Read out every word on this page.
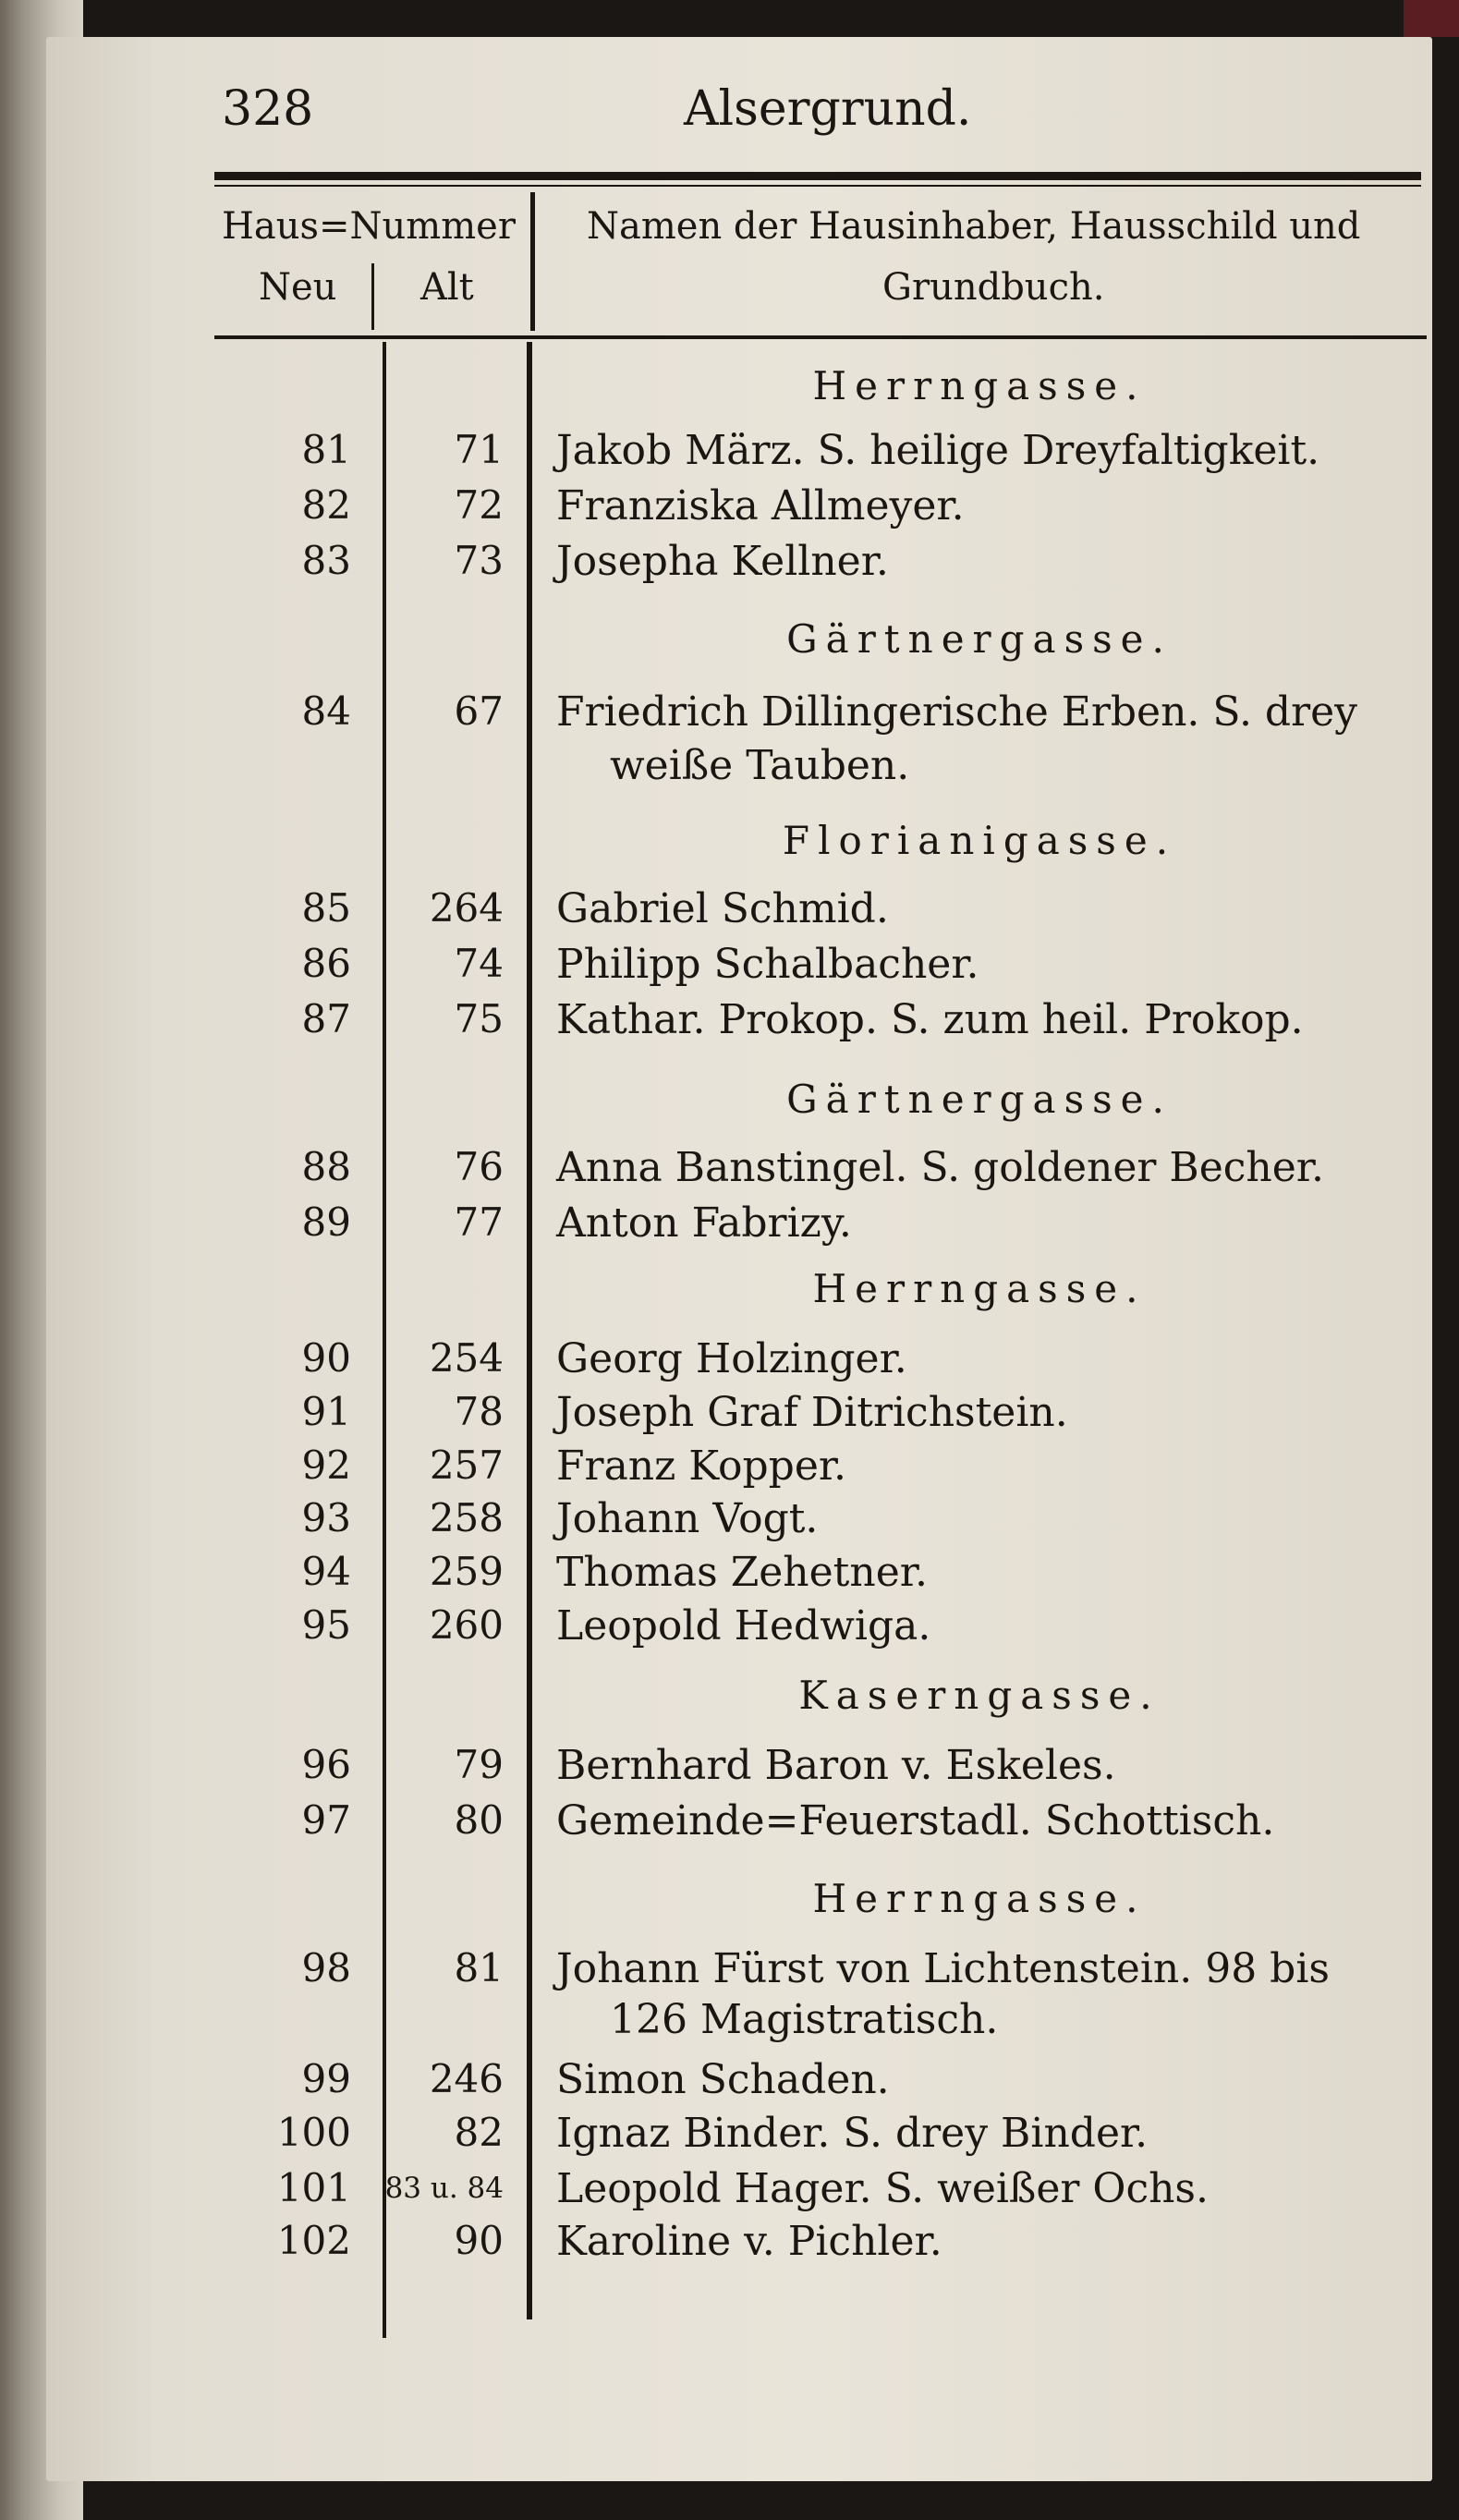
328	Alsergrund.
Haus=Nummer
Neu Alt
Namen der Hausinhaber, Hausschild und
Grundbuch.
Herrngasse.
Gärtnergasse.
Florianigasse.
Gärtnergasse.
Herrngasse.
Kaserngasse.
Herrngasse.
81	71 Jakob März. S. heilige Dreyfaltigkeit.
82	72 Franziska Allmeyer.
83	73 Josepha Kellner.
84	67 Friedrich Dillingerische Erben. S. drey
weiße Tauben.
85	264 Gabriel Schmid.
86	74 Philipp Schalbacher.
87	75 Kathar. Prokop. S. zum heil. Prokop.
88	76 Anna Banstingel. S. goldener Becher.
89	77 Anton Fabrizy.
90	254 Georg Holzinger.
91	78 Joseph Graf Ditrichstein.
92	257 Franz Kopper.
93	258 Johann Vogt.
94	259 Thomas Zehetner.
95	260 Leopold Hedwiga.
96	79 Bernhard Baron v. Eskeles.
97	80 Gemeinde=Feuerstadl. Schottisch.
98	81 Johann Fürst von Lichtenstein. 98 bis
126 Magistratisch.
99	246 Simon Schaden.
100	82 Ignaz Binder. S. drey Binder.
101	83 u. 84 Leopold Hager. S. weißer Ochs.
102	90 Karoline v. Pichler.
